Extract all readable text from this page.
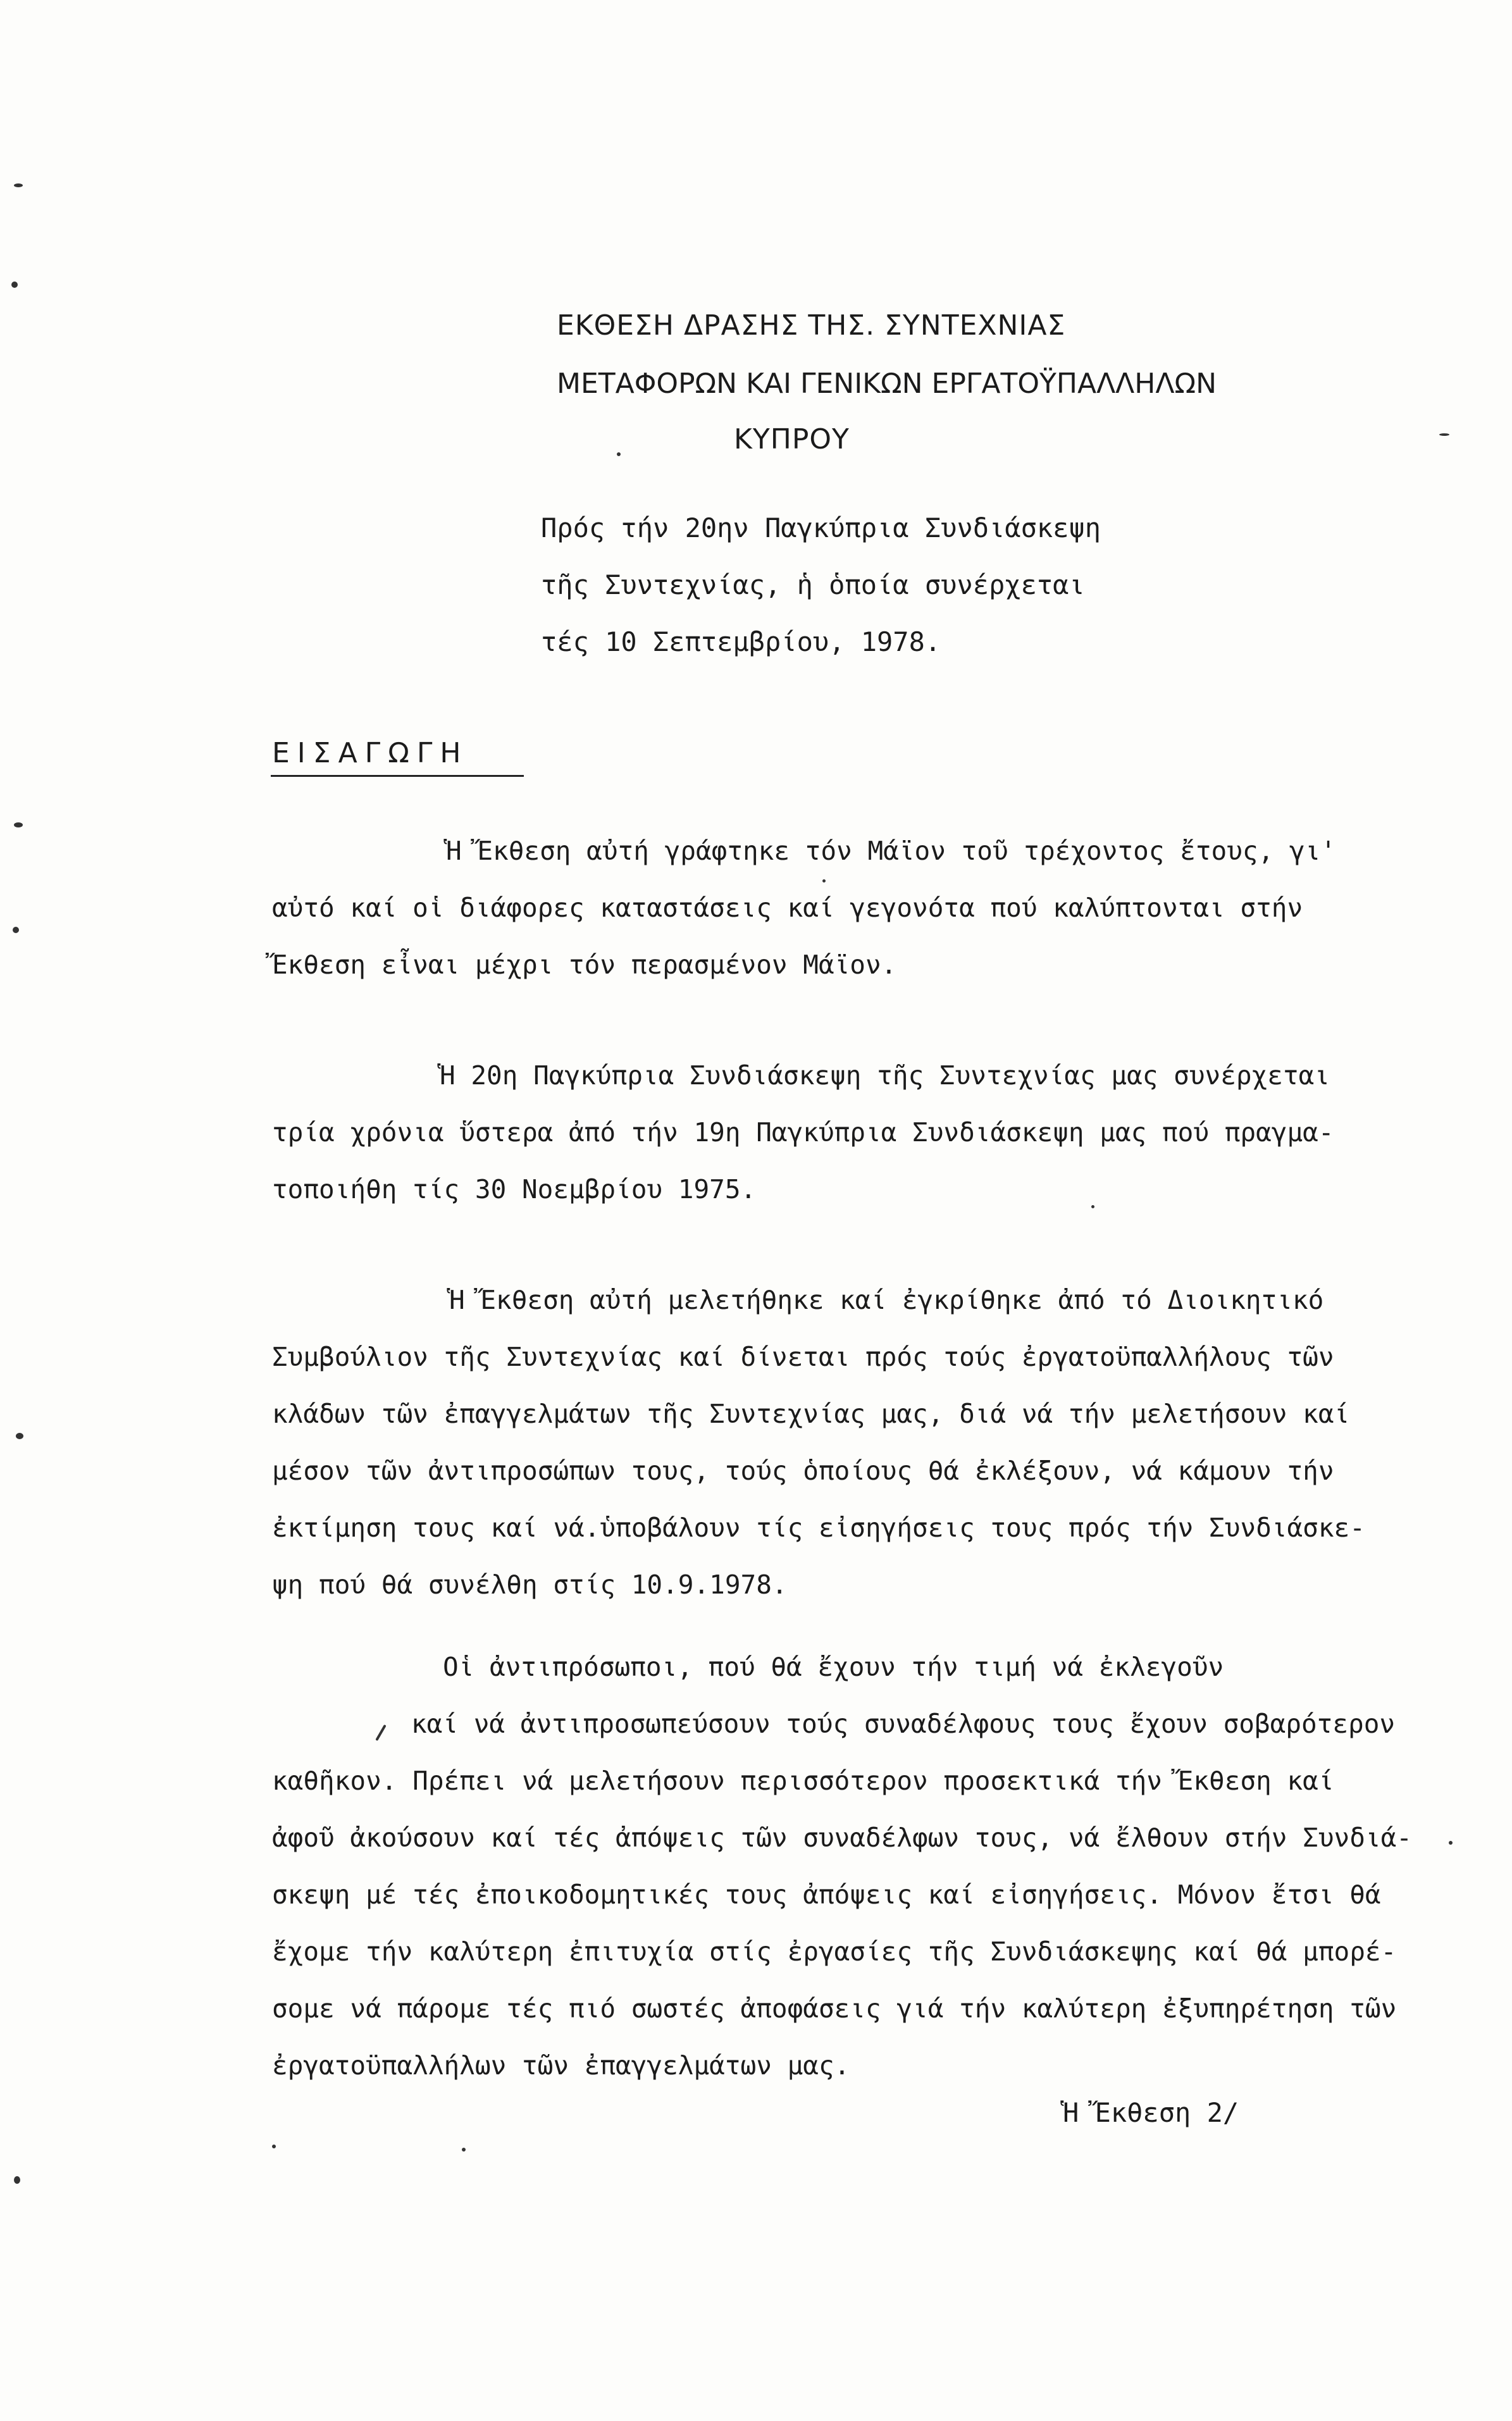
ΕΚΘΕΣΗ ΔΡΑΣΗΣ ΤΗΣ. ΣΥΝΤΕΧΝΙΑΣ
ΜΕΤΑΦΟΡΩΝ ΚΑΙ ΓΕΝΙΚΩΝ ΕΡΓΑΤΟΫΠΑΛΛΗΛΩΝ
ΚΥΠΡΟΥ
Πρός τήν 20ην Παγκύπρια Συνδιάσκεψη
τῆς Συντεχνίας, ἡ ὁποία συνέρχεται
τές 10 Σεπτεμβρίου, 1978.
ΕΙΣΑΓΩΓΗ
Ἡ Ἔκθεση αὐτή γράφτηκε τόν Μάϊον τοῦ τρέχοντος ἔτους, γι'
αὐτό καί οἱ διάφορες καταστάσεις καί γεγονότα πού καλύπτονται στήν
Ἔκθεση εἶναι μέχρι τόν περασμένον Μάϊον.
Ἡ 20η Παγκύπρια Συνδιάσκεψη τῆς Συντεχνίας μας συνέρχεται
τρία χρόνια ὕστερα ἀπό τήν 19η Παγκύπρια Συνδιάσκεψη μας πού πραγμα-
τοποιήθη τίς 30 Νοεμβρίου 1975.
Ἡ Ἔκθεση αὐτή μελετήθηκε καί ἐγκρίθηκε ἀπό τό Διοικητικό
Συμβούλιον τῆς Συντεχνίας καί δίνεται πρός τούς ἐργατοϋπαλλήλους τῶν
κλάδων τῶν ἐπαγγελμάτων τῆς Συντεχνίας μας, διά νά τήν μελετήσουν καί
μέσον τῶν ἀντιπροσώπων τους, τούς ὁποίους θά ἐκλέξουν, νά κάμουν τήν
ἐκτίμηση τους καί νά.ὑποβάλουν τίς εἰσηγήσεις τους πρός τήν Συνδιάσκε-
ψη πού θά συνέλθη στίς 10.9.1978.
Οἱ ἀντιπρόσωποι, πού θά ἔχουν τήν τιμή νά ἐκλεγοῦν
καί νά ἀντιπροσωπεύσουν τούς συναδέλφους τους ἔχουν σοβαρότερον
καθῆκον. Πρέπει νά μελετήσουν περισσότερον προσεκτικά τήν Ἔκθεση καί
ἀφοῦ ἀκούσουν καί τές ἀπόψεις τῶν συναδέλφων τους, νά ἔλθουν στήν Συνδιά-
σκεψη μέ τές ἐποικοδομητικές τους ἀπόψεις καί εἰσηγήσεις. Μόνον ἔτσι θά
ἔχομε τήν καλύτερη ἐπιτυχία στίς ἐργασίες τῆς Συνδιάσκεψης καί θά μπορέ-
σομε νά πάρομε τές πιό σωστές ἀποφάσεις γιά τήν καλύτερη ἐξυπηρέτηση τῶν
ἐργατοϋπαλλήλων τῶν ἐπαγγελμάτων μας.
Ἡ Ἔκθεση 2/
